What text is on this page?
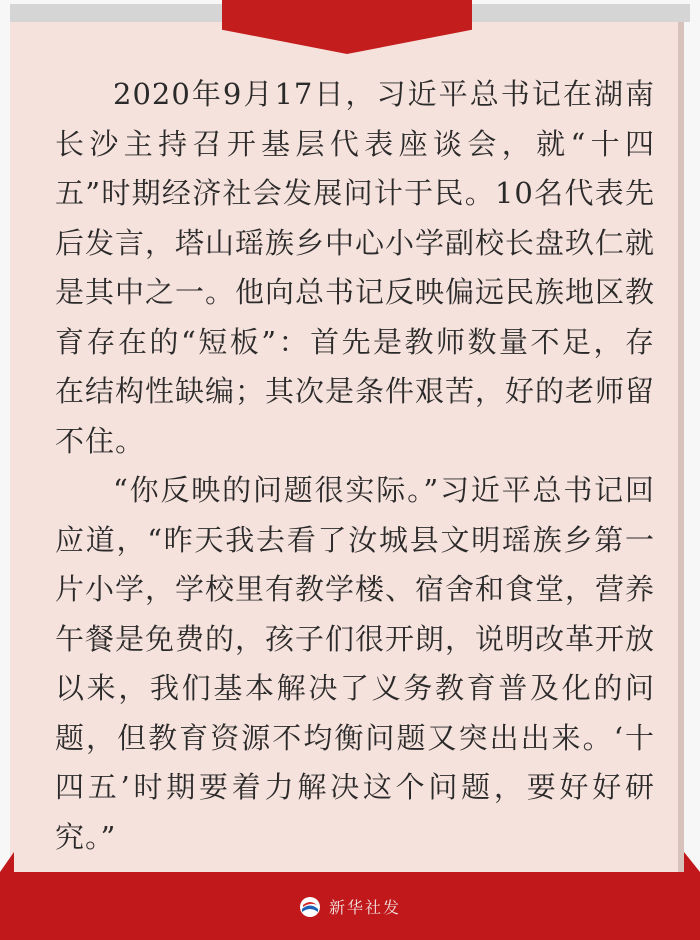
2020年9月17日，习近平总书记在湖南长沙主持召开基层代表座谈会，就“十四五”时期经济社会发展问计于民。10名代表先后发言，塔山瑶族乡中心小学副校长盘玖仁就是其中之一。他向总书记反映偏远民族地区教育存在的“短板”：首先是教师数量不足，存在结构性缺编；其次是条件艰苦，好的老师留不住。

“你反映的问题很实际。”习近平总书记回应道，“昨天我去看了汝城县文明瑶族乡第一片小学，学校里有教学楼、宿舍和食堂，营养午餐是免费的，孩子们很开朗，说明改革开放以来，我们基本解决了义务教育普及化的问题，但教育资源不均衡问题又突出出来。‘十四五’时期要着力解决这个问题，要好好研究。”

新华社发
